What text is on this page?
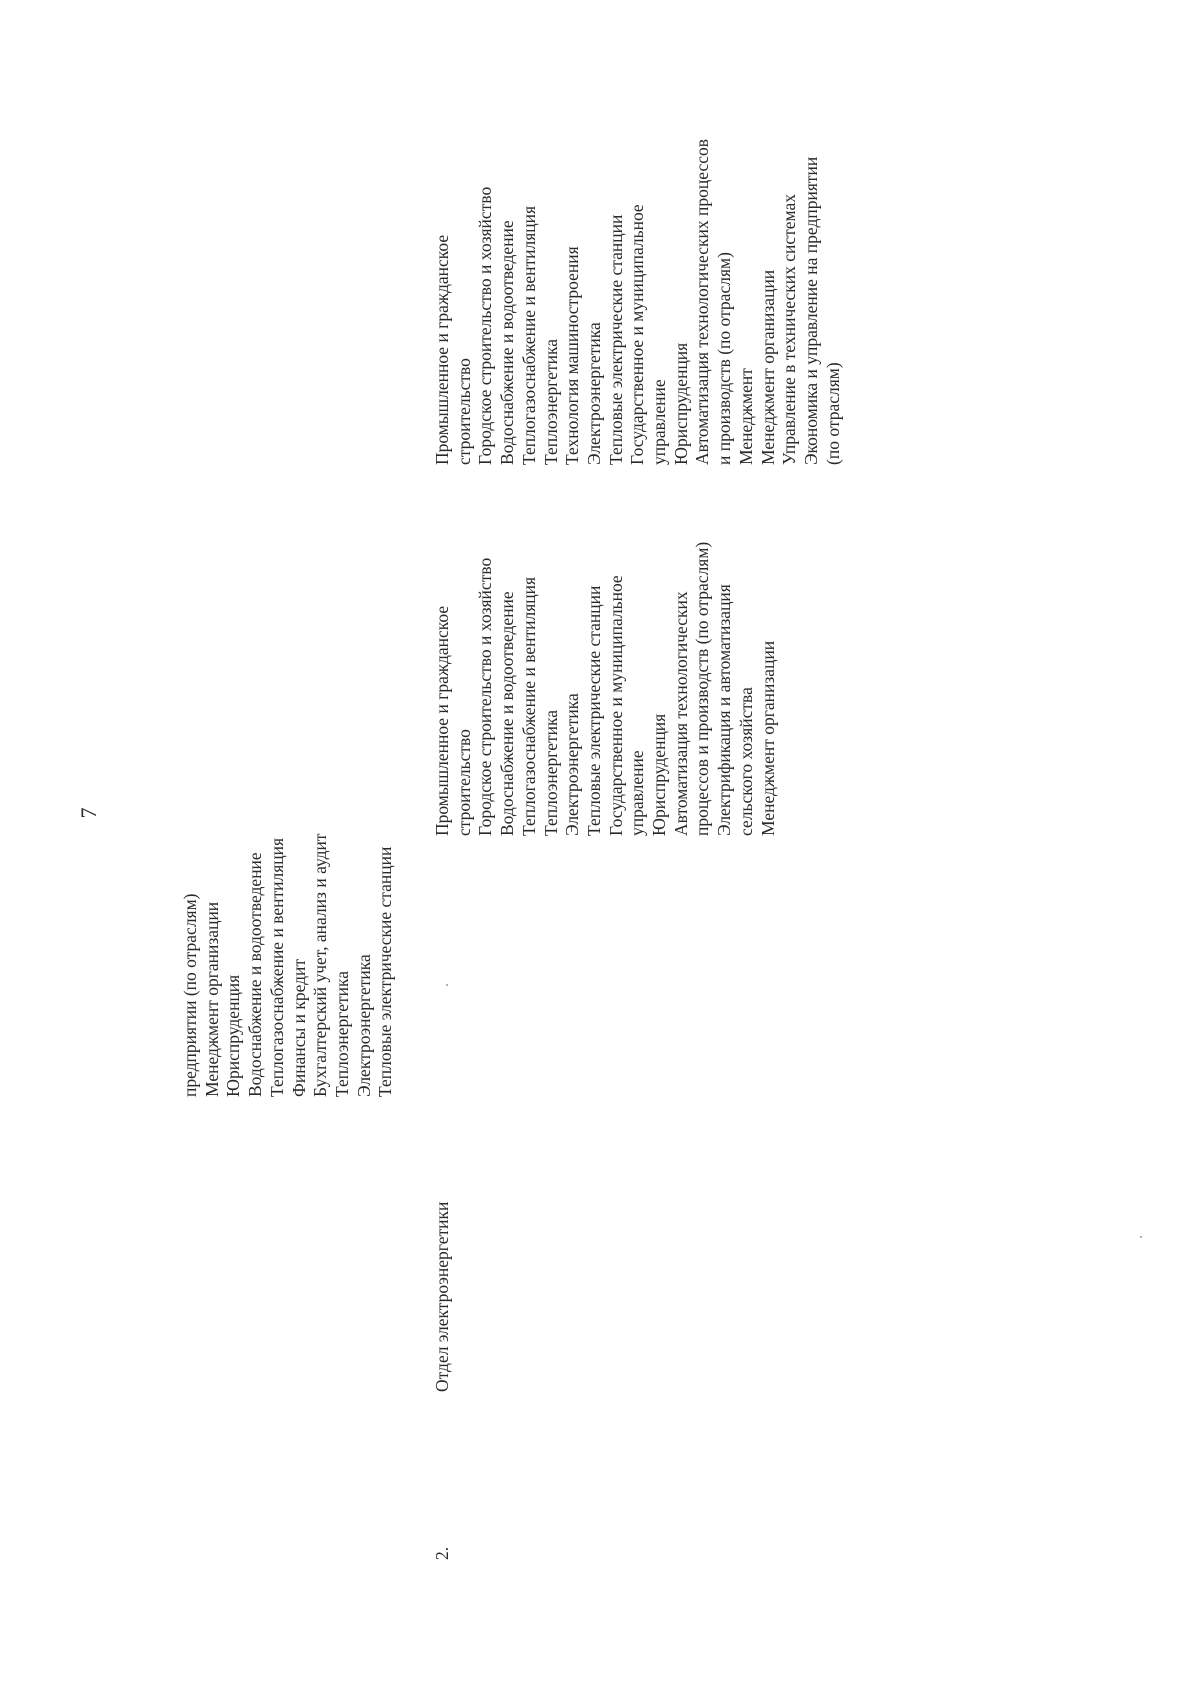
7
предприятии (по отраслям) Менеджмент организации Юриспруденция Водоснабжение и водоотведение Теплогазоснабжение и вентиляция Финансы и кредит Бухгалтерский учет, анализ и аудит Теплоэнергетика Электроэнергетика Тепловые электрические станции
2.
Отдел электроэнергетики
Промышленное и гражданское строительство Городское строительство и хозяйство Водоснабжение и водоотведение Теплогазоснабжение и вентиляция Теплоэнергетика Электроэнергетика Тепловые электрические станции Государственное и муниципальное управление Юриспруденция Автоматизация технологических процессов и производств (по отраслям) Электрификация и автоматизация сельского хозяйства Менеджмент организации
Промышленное и гражданское строительство Городское строительство и хозяйство Водоснабжение и водоотведение Теплогазоснабжение и вентиляция Теплоэнергетика Технология машиностроения Электроэнергетика Тепловые электрические станции Государственное и муниципальное управление Юриспруденция Автоматизация технологических процессов и производств (по отраслям) Менеджмент Менеджмент организации Управление в технических системах Экономика и управление на предприятии (по отраслям)
